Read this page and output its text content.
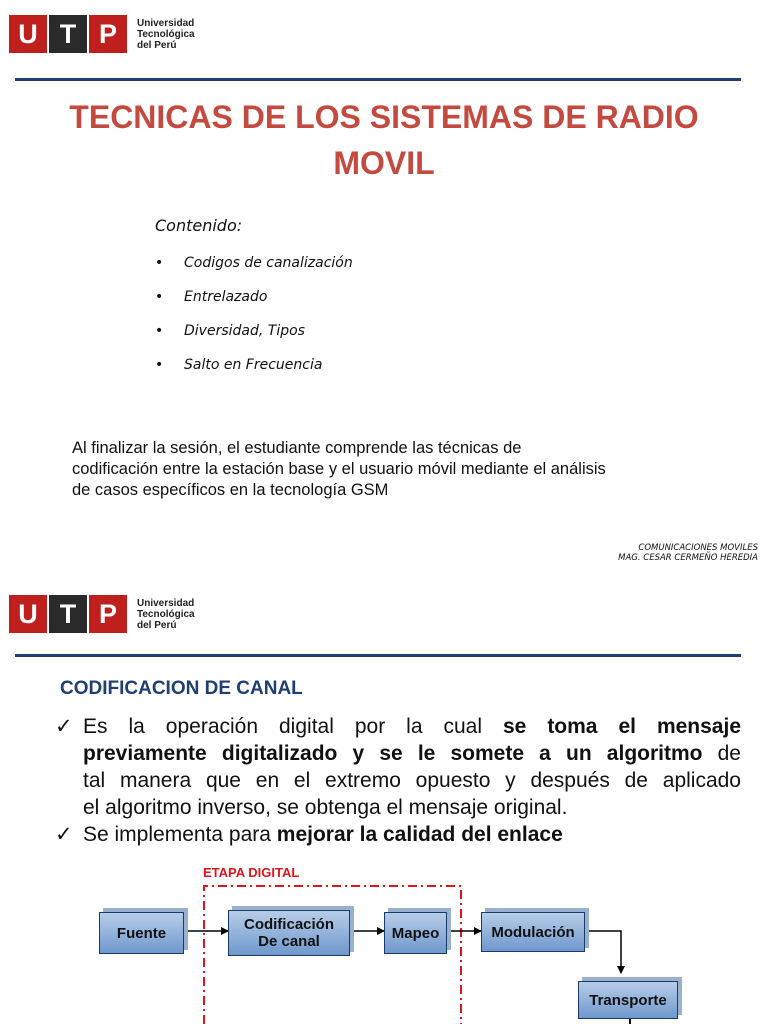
U T P	Universidad
Tecnológica
del Perú
TECNICAS DE LOS SISTEMAS DE RADIO
MOVIL
Contenido:
•	Codigos de canalización
•	Entrelazado
•	Diversidad, Tipos
•	Salto en Frecuencia
Al finalizar la sesión, el estudiante comprende las técnicas de
codificación entre la estación base y el usuario móvil mediante el análisis
de casos específicos en la tecnología GSM
COMUNICACIONES MOVILES
MAG. CESAR CERMEÑO HEREDIA
U T P	Universidad
Tecnológica
del Perú
CODIFICACION DE CANAL
✓ Es la operación digital por la cual se toma el mensaje
previamente digitalizado y se le somete a un algoritmo de
tal manera que en el extremo opuesto y después de aplicado
el algoritmo inverso, se obtenga el mensaje original.
✓ Se implementa para mejorar la calidad del enlace
ETAPA DIGITAL
Fuente	Codificación
De canal	Mapeo	Modulación
Transporte
